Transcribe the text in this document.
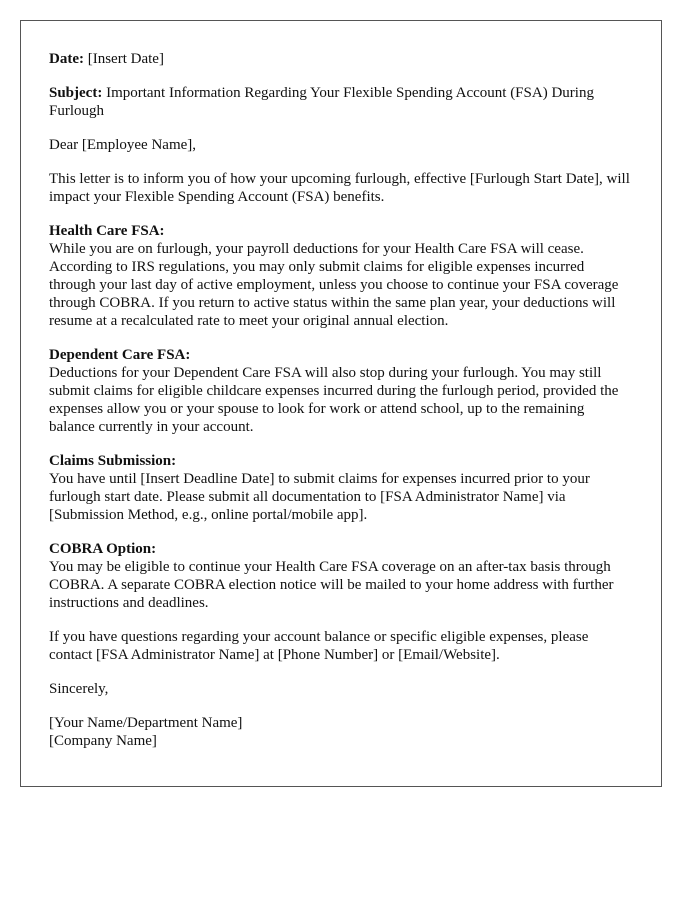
Date: [Insert Date]

Subject: Important Information Regarding Your Flexible Spending Account (FSA) During Furlough

Dear [Employee Name],

This letter is to inform you of how your upcoming furlough, effective [Furlough Start Date], will impact your Flexible Spending Account (FSA) benefits.

Health Care FSA:
While you are on furlough, your payroll deductions for your Health Care FSA will cease. According to IRS regulations, you may only submit claims for eligible expenses incurred through your last day of active employment, unless you choose to continue your FSA coverage through COBRA. If you return to active status within the same plan year, your deductions will resume at a recalculated rate to meet your original annual election.

Dependent Care FSA:
Deductions for your Dependent Care FSA will also stop during your furlough. You may still submit claims for eligible childcare expenses incurred during the furlough period, provided the expenses allow you or your spouse to look for work or attend school, up to the remaining balance currently in your account.

Claims Submission:
You have until [Insert Deadline Date] to submit claims for expenses incurred prior to your furlough start date. Please submit all documentation to [FSA Administrator Name] via [Submission Method, e.g., online portal/mobile app].

COBRA Option:
You may be eligible to continue your Health Care FSA coverage on an after-tax basis through COBRA. A separate COBRA election notice will be mailed to your home address with further instructions and deadlines.

If you have questions regarding your account balance or specific eligible expenses, please contact [FSA Administrator Name] at [Phone Number] or [Email/Website].

Sincerely,

[Your Name/Department Name]
[Company Name]
